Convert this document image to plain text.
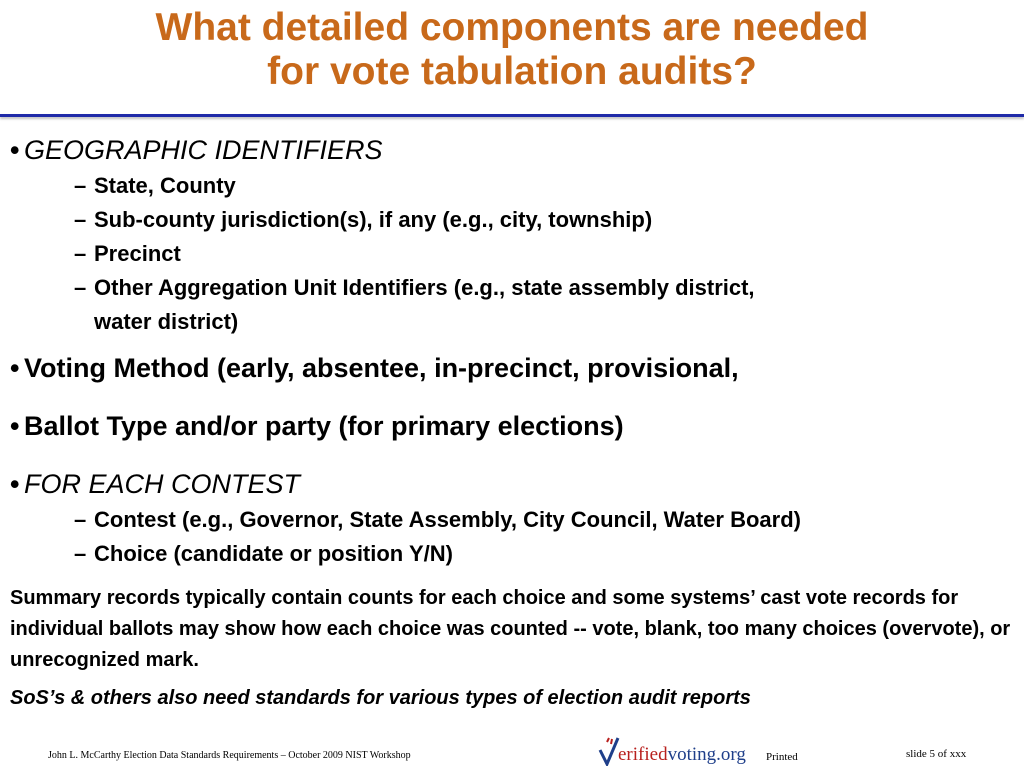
What detailed components are needed
for vote tabulation audits?
• GEOGRAPHIC IDENTIFIERS
– State, County
– Sub-county jurisdiction(s), if any (e.g., city, township)
– Precinct
– Other Aggregation Unit Identifiers (e.g., state assembly district,
water district)
• Voting Method (early, absentee, in-precinct, provisional,
• Ballot Type and/or party (for primary elections)
• FOR EACH CONTEST
– Contest (e.g., Governor, State Assembly, City Council, Water Board)
– Choice (candidate or position Y/N)
Summary records typically contain counts for each choice and some systems’ cast vote records for individual ballots may show how each choice was counted -- vote, blank, too many choices (overvote), or unrecognized mark.
SoS’s & others also need standards for various types of election audit reports
John L. McCarthy Election Data Standards Requirements – October 2009 NIST Workshop	erifiedvoting.org Printed	slide 5 of xxx
